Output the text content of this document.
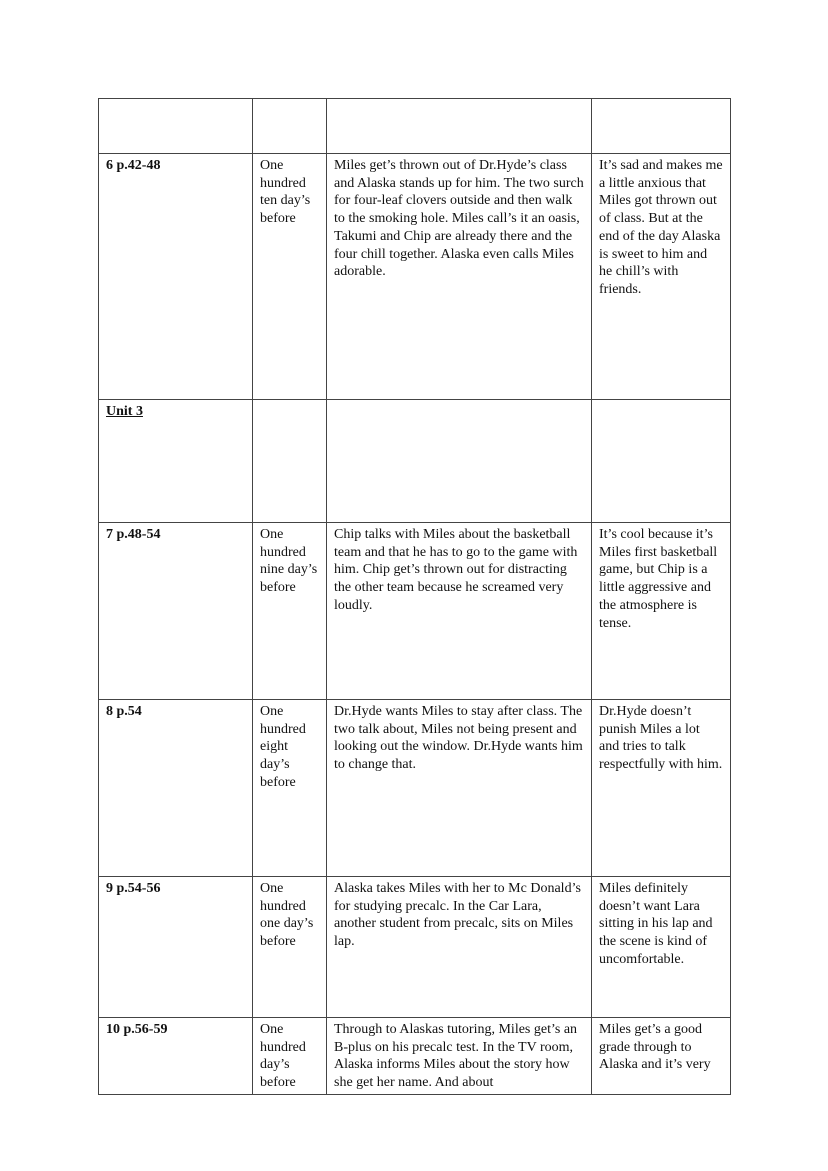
6 p.42-48	One hundred ten day’s before	Miles get’s thrown out of Dr.Hyde’s class and Alaska stands up for him. The two surch for four-leaf clovers outside and then walk to the smoking hole. Miles call’s it an oasis, Takumi and Chip are already there and the four chill together. Alaska even calls Miles adorable.	It’s sad and makes me a little anxious that Miles got thrown out of class. But at the end of the day Alaska is sweet to him and he chill’s with friends.
Unit 3			
7 p.48-54	One hundred nine day’s before	Chip talks with Miles about the basketball team and that he has to go to the game with him. Chip get’s thrown out for distracting the other team because he screamed very loudly.	It’s cool because it’s Miles first basketball game, but Chip is a little aggressive and the atmosphere is tense.
8 p.54	One hundred eight day’s before	Dr.Hyde wants Miles to stay after class. The two talk about, Miles not being present and looking out the window. Dr.Hyde wants him to change that.	Dr.Hyde doesn’t punish Miles a lot and tries to talk respectfully with him.
9 p.54-56	One hundred one day’s before	Alaska takes Miles with her to Mc Donald’s for studying precalc. In the Car Lara, another student from precalc, sits on Miles lap.	Miles definitely doesn’t want Lara sitting in his lap and the scene is kind of uncomfortable.
10 p.56-59	One hundred day’s before	Through to Alaskas tutoring, Miles get’s an B-plus on his precalc test. In the TV room, Alaska informs Miles about the story how she get her name. And about	Miles get’s a good grade through to Alaska and it’s very
